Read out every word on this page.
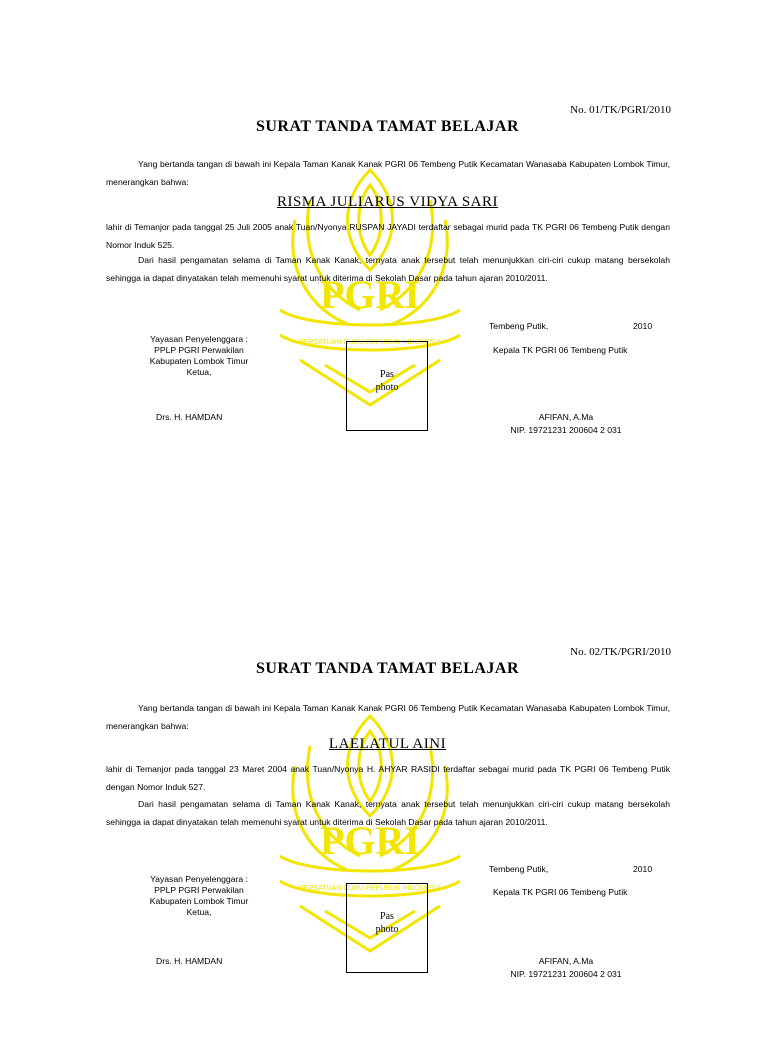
PGRI
PERSATUAN GURU REPUBLIK INDONESIA
No. 01/TK/PGRI/2010
SURAT TANDA TAMAT BELAJAR
Yang bertanda tangan di bawah ini Kepala Taman Kanak Kanak PGRI 06 Tembeng Putik Kecamatan Wanasaba Kabupaten Lombok Timur, menerangkan bahwa:
RISMA JULIARUS VIDYA SARI
lahir di Temanjor pada tanggal 25 Juli 2005 anak Tuan/Nyonya RUSPAN JAYADI terdaftar sebagai murid pada TK PGRI 06 Tembeng Putik dengan Nomor Induk 525.
Dari hasil pengamatan selama di Taman Kanak Kanak, ternyata anak tersebut telah menunjukkan ciri-ciri cukup matang bersekolah sehingga ia dapat dinyatakan telah memenuhi syarat untuk diterima di Sekolah Dasar pada tahun ajaran 2010/2011.
Tembeng Putik,	2010
Yayasan Penyelenggara :
PPLP PGRI Perwakilan
Kabupaten Lombok Timur
Ketua,
Kepala TK PGRI 06 Tembeng Putik
Pas
photo
Drs. H. HAMDAN	AFIFAN, A.Ma
NIP. 19721231 200604 2 031
PGRI
PERSATUAN GURU REPUBLIK INDONESIA
No. 02/TK/PGRI/2010
SURAT TANDA TAMAT BELAJAR
Yang bertanda tangan di bawah ini Kepala Taman Kanak Kanak PGRI 06 Tembeng Putik Kecamatan Wanasaba Kabupaten Lombok Timur, menerangkan bahwa:
LAELATUL AINI
lahir di Temanjor pada tanggal 23 Maret 2004 anak Tuan/Nyonya H. AHYAR RASIDI terdaftar sebagai murid pada TK PGRI 06 Tembeng Putik dengan Nomor Induk 527.
Dari hasil pengamatan selama di Taman Kanak Kanak, ternyata anak tersebut telah menunjukkan ciri-ciri cukup matang bersekolah sehingga ia dapat dinyatakan telah memenuhi syarat untuk diterima di Sekolah Dasar pada tahun ajaran 2010/2011.
Tembeng Putik,	2010
Yayasan Penyelenggara :
PPLP PGRI Perwakilan
Kabupaten Lombok Timur
Ketua,
Kepala TK PGRI 06 Tembeng Putik
Pas
photo
Drs. H. HAMDAN	AFIFAN, A.Ma
NIP. 19721231 200604 2 031
